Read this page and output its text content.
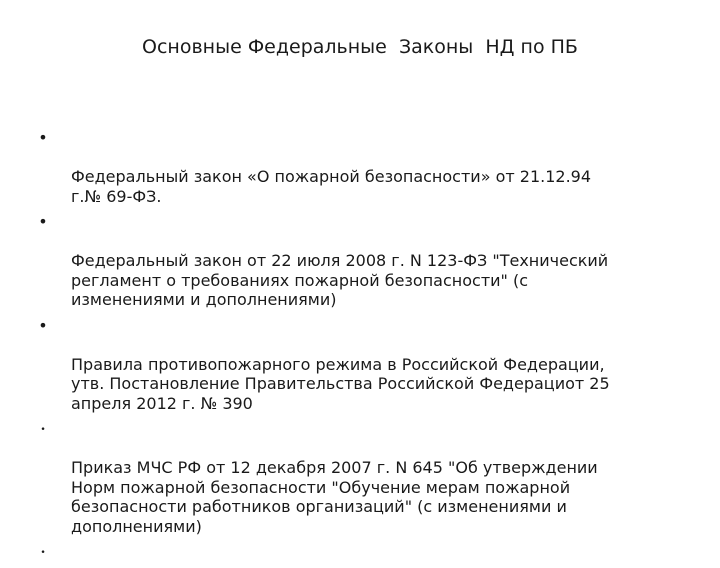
Основные Федеральные  Законы  НД по ПБ

•

Федеральный закон «О пожарной безопасности» от 21.12.94
г.№ 69-ФЗ.

•

Федеральный закон от 22 июля 2008 г. N 123-ФЗ "Технический
регламент о требованиях пожарной безопасности" (с
изменениями и дополнениями)

•

Правила противопожарного режима в Российской Федерации,
утв. Постановление Правительства Российской Федерациот 25
апреля 2012 г. № 390

•

Приказ МЧС РФ от 12 декабря 2007 г. N 645 "Об утверждении
Норм пожарной безопасности "Обучение мерам пожарной
безопасности работников организаций" (с изменениями и
дополнениями)

•
